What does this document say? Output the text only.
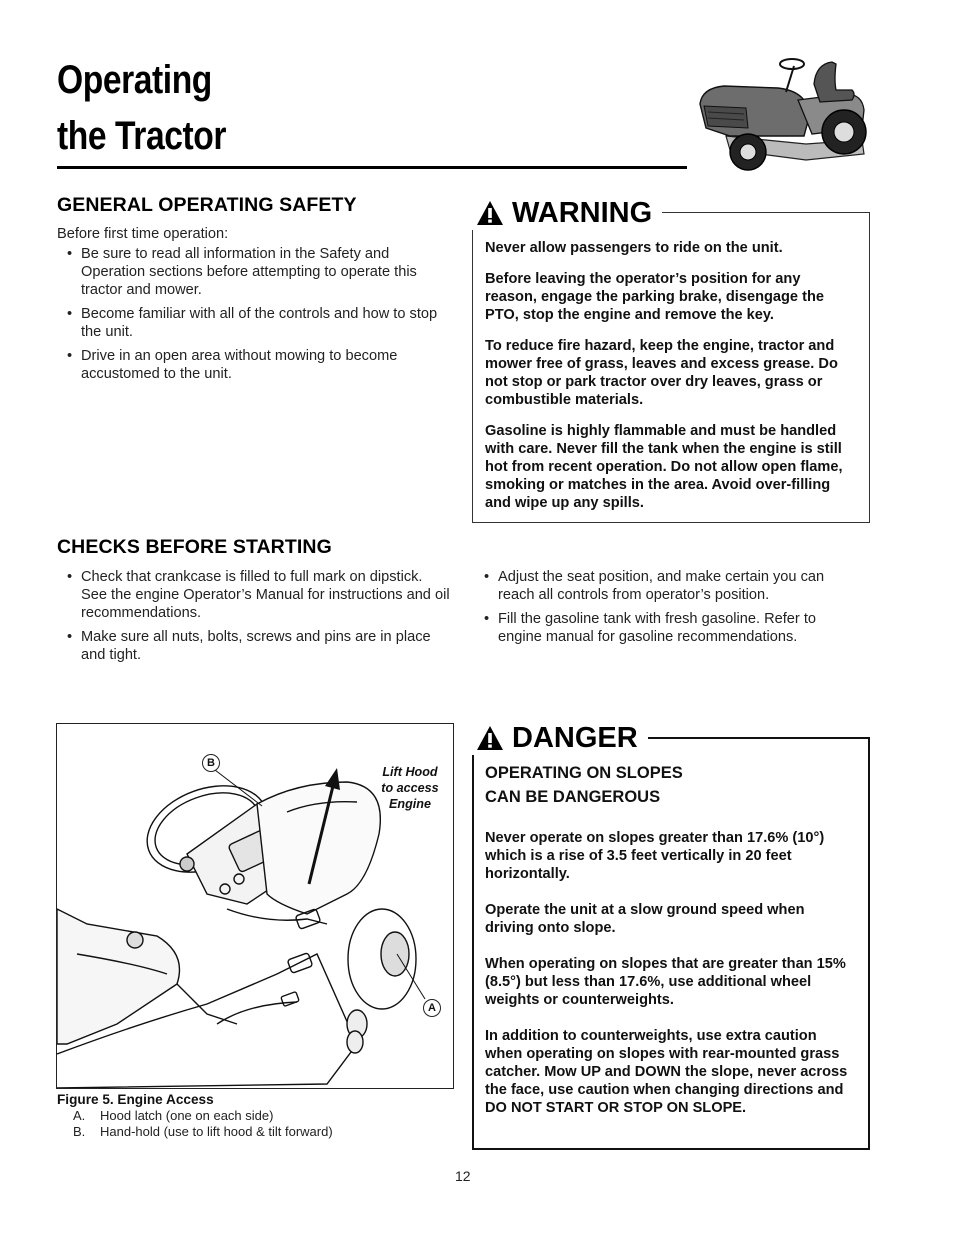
Operating
the Tractor
GENERAL OPERATING SAFETY
Before first time operation:
• Be sure to read all information in the Safety and Operation sections before attempting to operate this tractor and mower.
• Become familiar with all of the controls and how to stop the unit.
• Drive in an open area without mowing to become accustomed to the unit.
WARNING

Never allow passengers to ride on the unit.

Before leaving the operator’s position for any reason, engage the parking brake, disengage the PTO, stop the engine and remove the key.

To reduce fire hazard, keep the engine, tractor and mower free of grass, leaves and excess grease. Do not stop or park tractor over dry leaves, grass or combustible materials.

Gasoline is highly flammable and must be handled with care. Never fill the tank when the engine is still hot from recent operation. Do not allow open flame, smoking or matches in the area. Avoid over-filling and wipe up any spills.

CHECKS BEFORE STARTING
• Check that crankcase is filled to full mark on dipstick. See the engine Operator’s Manual for instructions and oil recommendations.
• Make sure all nuts, bolts, screws and pins are in place and tight.
• Adjust the seat position, and make certain you can reach all controls from operator’s position.
• Fill the gasoline tank with fresh gasoline. Refer to engine manual for gasoline recommendations.
B
A
Lift Hood
to access
Engine
Figure 5. Engine Access
A. Hood latch (one on each side)
B. Hand-hold (use to lift hood & tilt forward)
DANGER
OPERATING ON SLOPES
CAN BE DANGEROUS

Never operate on slopes greater than 17.6% (10°) which is a rise of 3.5 feet vertically in 20 feet horizontally.

Operate the unit at a slow ground speed when driving onto slope.

When operating on slopes that are greater than 15% (8.5°) but less than 17.6%, use additional wheel weights or counterweights.

In addition to counterweights, use extra caution when operating on slopes with rear-mounted grass catcher. Mow UP and DOWN the slope, never across the face, use caution when changing directions and DO NOT START OR STOP ON SLOPE.

12
